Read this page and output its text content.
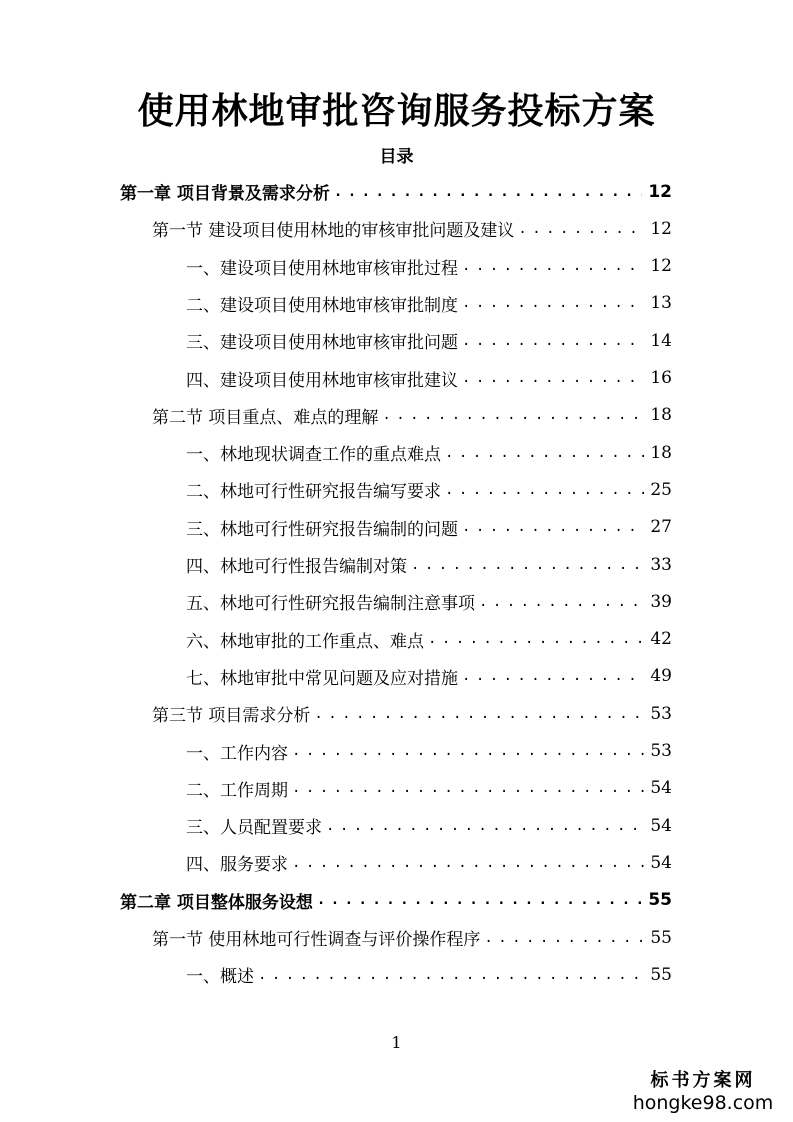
使用林地审批咨询服务投标方案
目录
第一章 项目背景及需求分析 . . .	12
第一节 建设项目使用林地的审核审批问题及建议 . . .	12
一、建设项目使用林地审核审批过程 . . .	12
二、建设项目使用林地审核审批制度 . . .	13
三、建设项目使用林地审核审批问题 . . .	14
四、建设项目使用林地审核审批建议 . . .	16
第二节 项目重点、难点的理解 . . .	18
一、林地现状调查工作的重点难点 . . .	18
二、林地可行性研究报告编写要求 . . .	25
三、林地可行性研究报告编制的问题 . . .	27
四、林地可行性报告编制对策 . . .	33
五、林地可行性研究报告编制注意事项 . . .	39
六、林地审批的工作重点、难点 . . .	42
七、林地审批中常见问题及应对措施 . . .	49
第三节 项目需求分析 . . .	53
一、工作内容 . . .	53
二、工作周期 . . .	54
三、人员配置要求 . . .	54
四、服务要求 . . .	54
第二章 项目整体服务设想 . . .	55
第一节 使用林地可行性调查与评价操作程序 . . .	55
一、概述 . . .	55
1
标书方案网
hongke98.com
